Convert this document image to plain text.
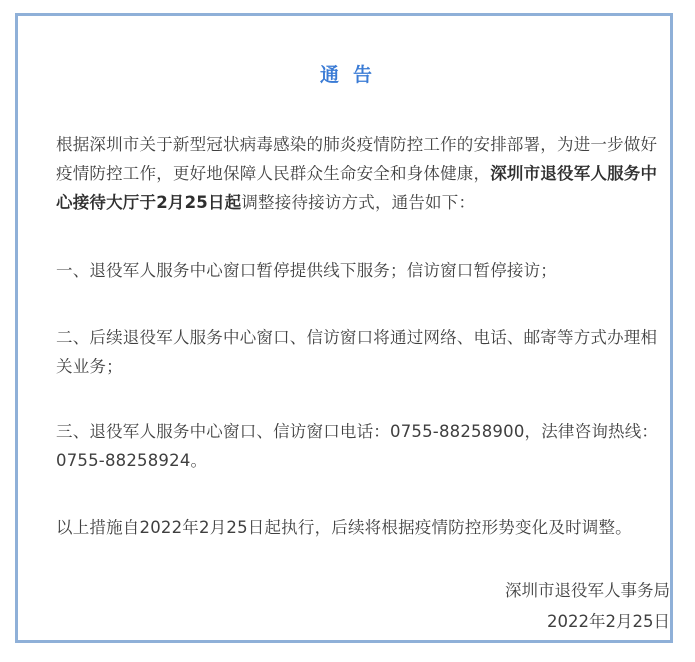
通告

根据深圳市关于新型冠状病毒感染的肺炎疫情防控工作的安排部署，为进一步做好疫情防控工作，更好地保障人民群众生命安全和身体健康，深圳市退役军人服务中心接待大厅于2月25日起调整接待接访方式，通告如下：

一、退役军人服务中心窗口暂停提供线下服务；信访窗口暂停接访；

二、后续退役军人服务中心窗口、信访窗口将通过网络、电话、邮寄等方式办理相关业务；

三、退役军人服务中心窗口、信访窗口电话：0755-88258900，法律咨询热线：0755-88258924。

以上措施自2022年2月25日起执行，后续将根据疫情防控形势变化及时调整。

深圳市退役军人事务局
2022年2月25日
